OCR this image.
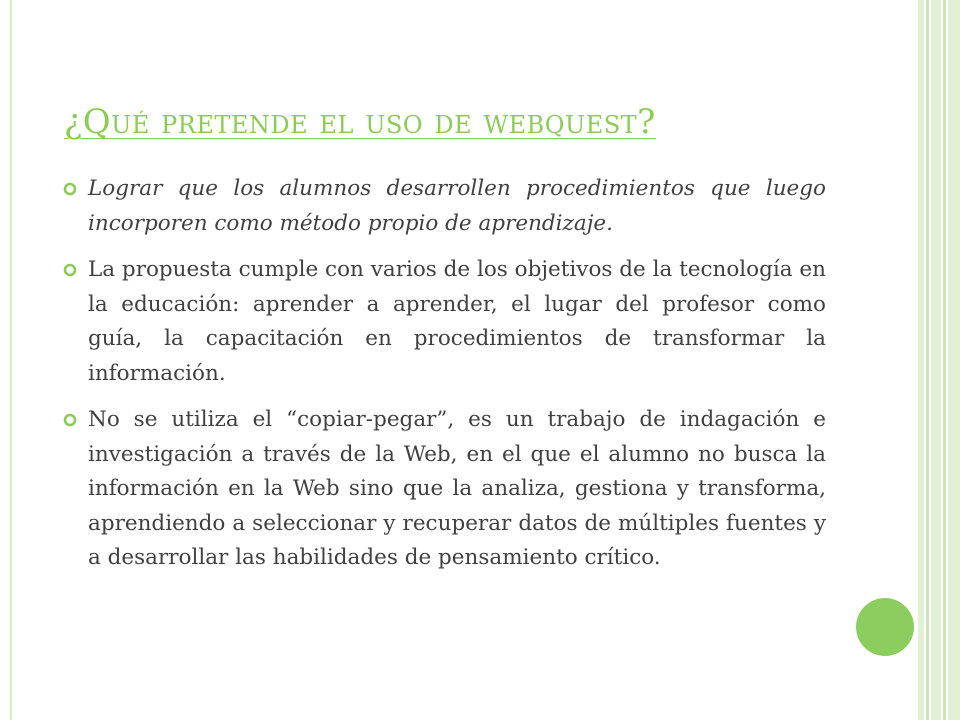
¿Qué pretende el uso de webquest?
Lograr que los alumnos desarrollen procedimientos que luego incorporen como método propio de aprendizaje.
La propuesta cumple con varios de los objetivos de la tecnología en la educación: aprender a aprender, el lugar del profesor como guía, la capacitación en procedimientos de transformar la información.
No se utiliza el “copiar-pegar”, es un trabajo de indagación e investigación a través de la Web, en el que el alumno no busca la información en la Web sino que la analiza, gestiona y transforma, aprendiendo a seleccionar y recuperar datos de múltiples fuentes y a desarrollar las habilidades de pensamiento crítico.
